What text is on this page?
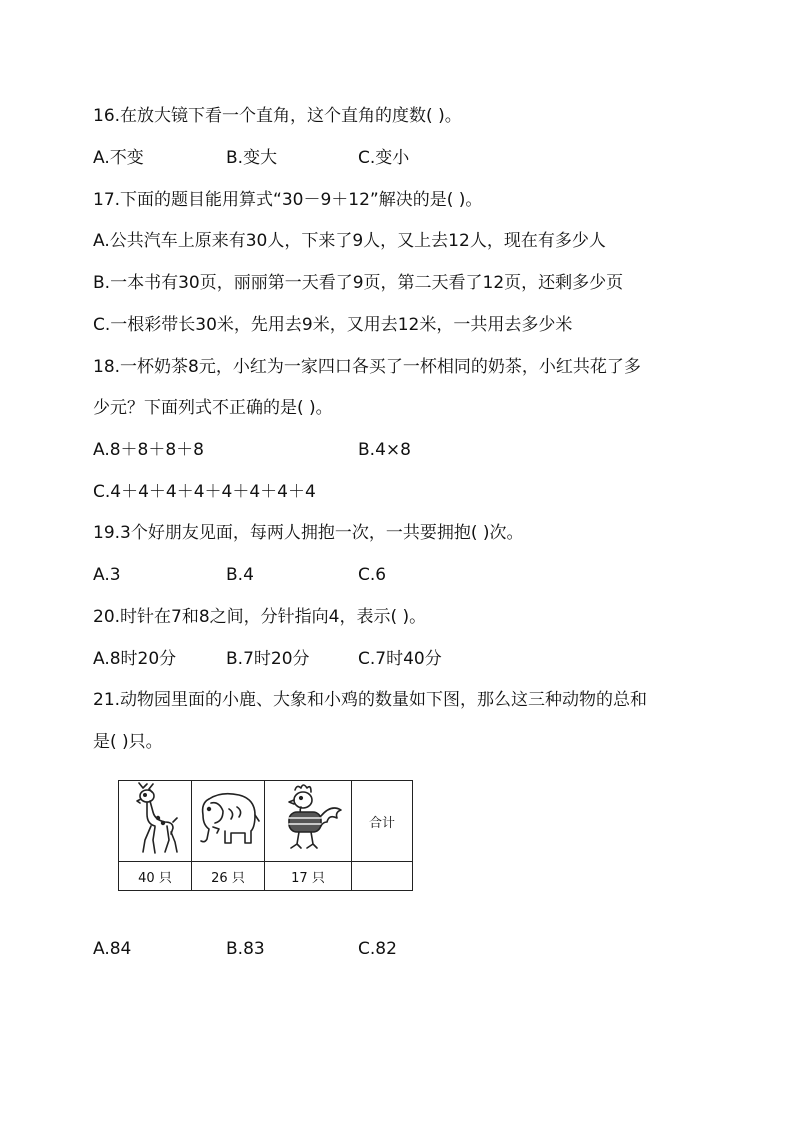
16.在放大镜下看一个直角，这个直角的度数( )。
A.不变	B.变大	C.变小
17.下面的题目能用算式“30－9＋12”解决的是( )。
A.公共汽车上原来有30人，下来了9人，又上去12人，现在有多少人
B.一本书有30页，丽丽第一天看了9页，第二天看了12页，还剩多少页
C.一根彩带长30米，先用去9米，又用去12米，一共用去多少米
18.一杯奶茶8元，小红为一家四口各买了一杯相同的奶茶，小红共花了多
少元？下面列式不正确的是( )。
A.8＋8＋8＋8	B.4×8
C.4＋4＋4＋4＋4＋4＋4＋4
19.3个好朋友见面，每两人拥抱一次，一共要拥抱( )次。
A.3	B.4	C.6
20.时针在7和8之间，分针指向4，表示( )。
A.8时20分	B.7时20分	C.7时40分
21.动物园里面的小鹿、大象和小鸡的数量如下图，那么这三种动物的总和
是( )只。
			合计
40 只	26 只	17 只	
A.84	B.83	C.82
